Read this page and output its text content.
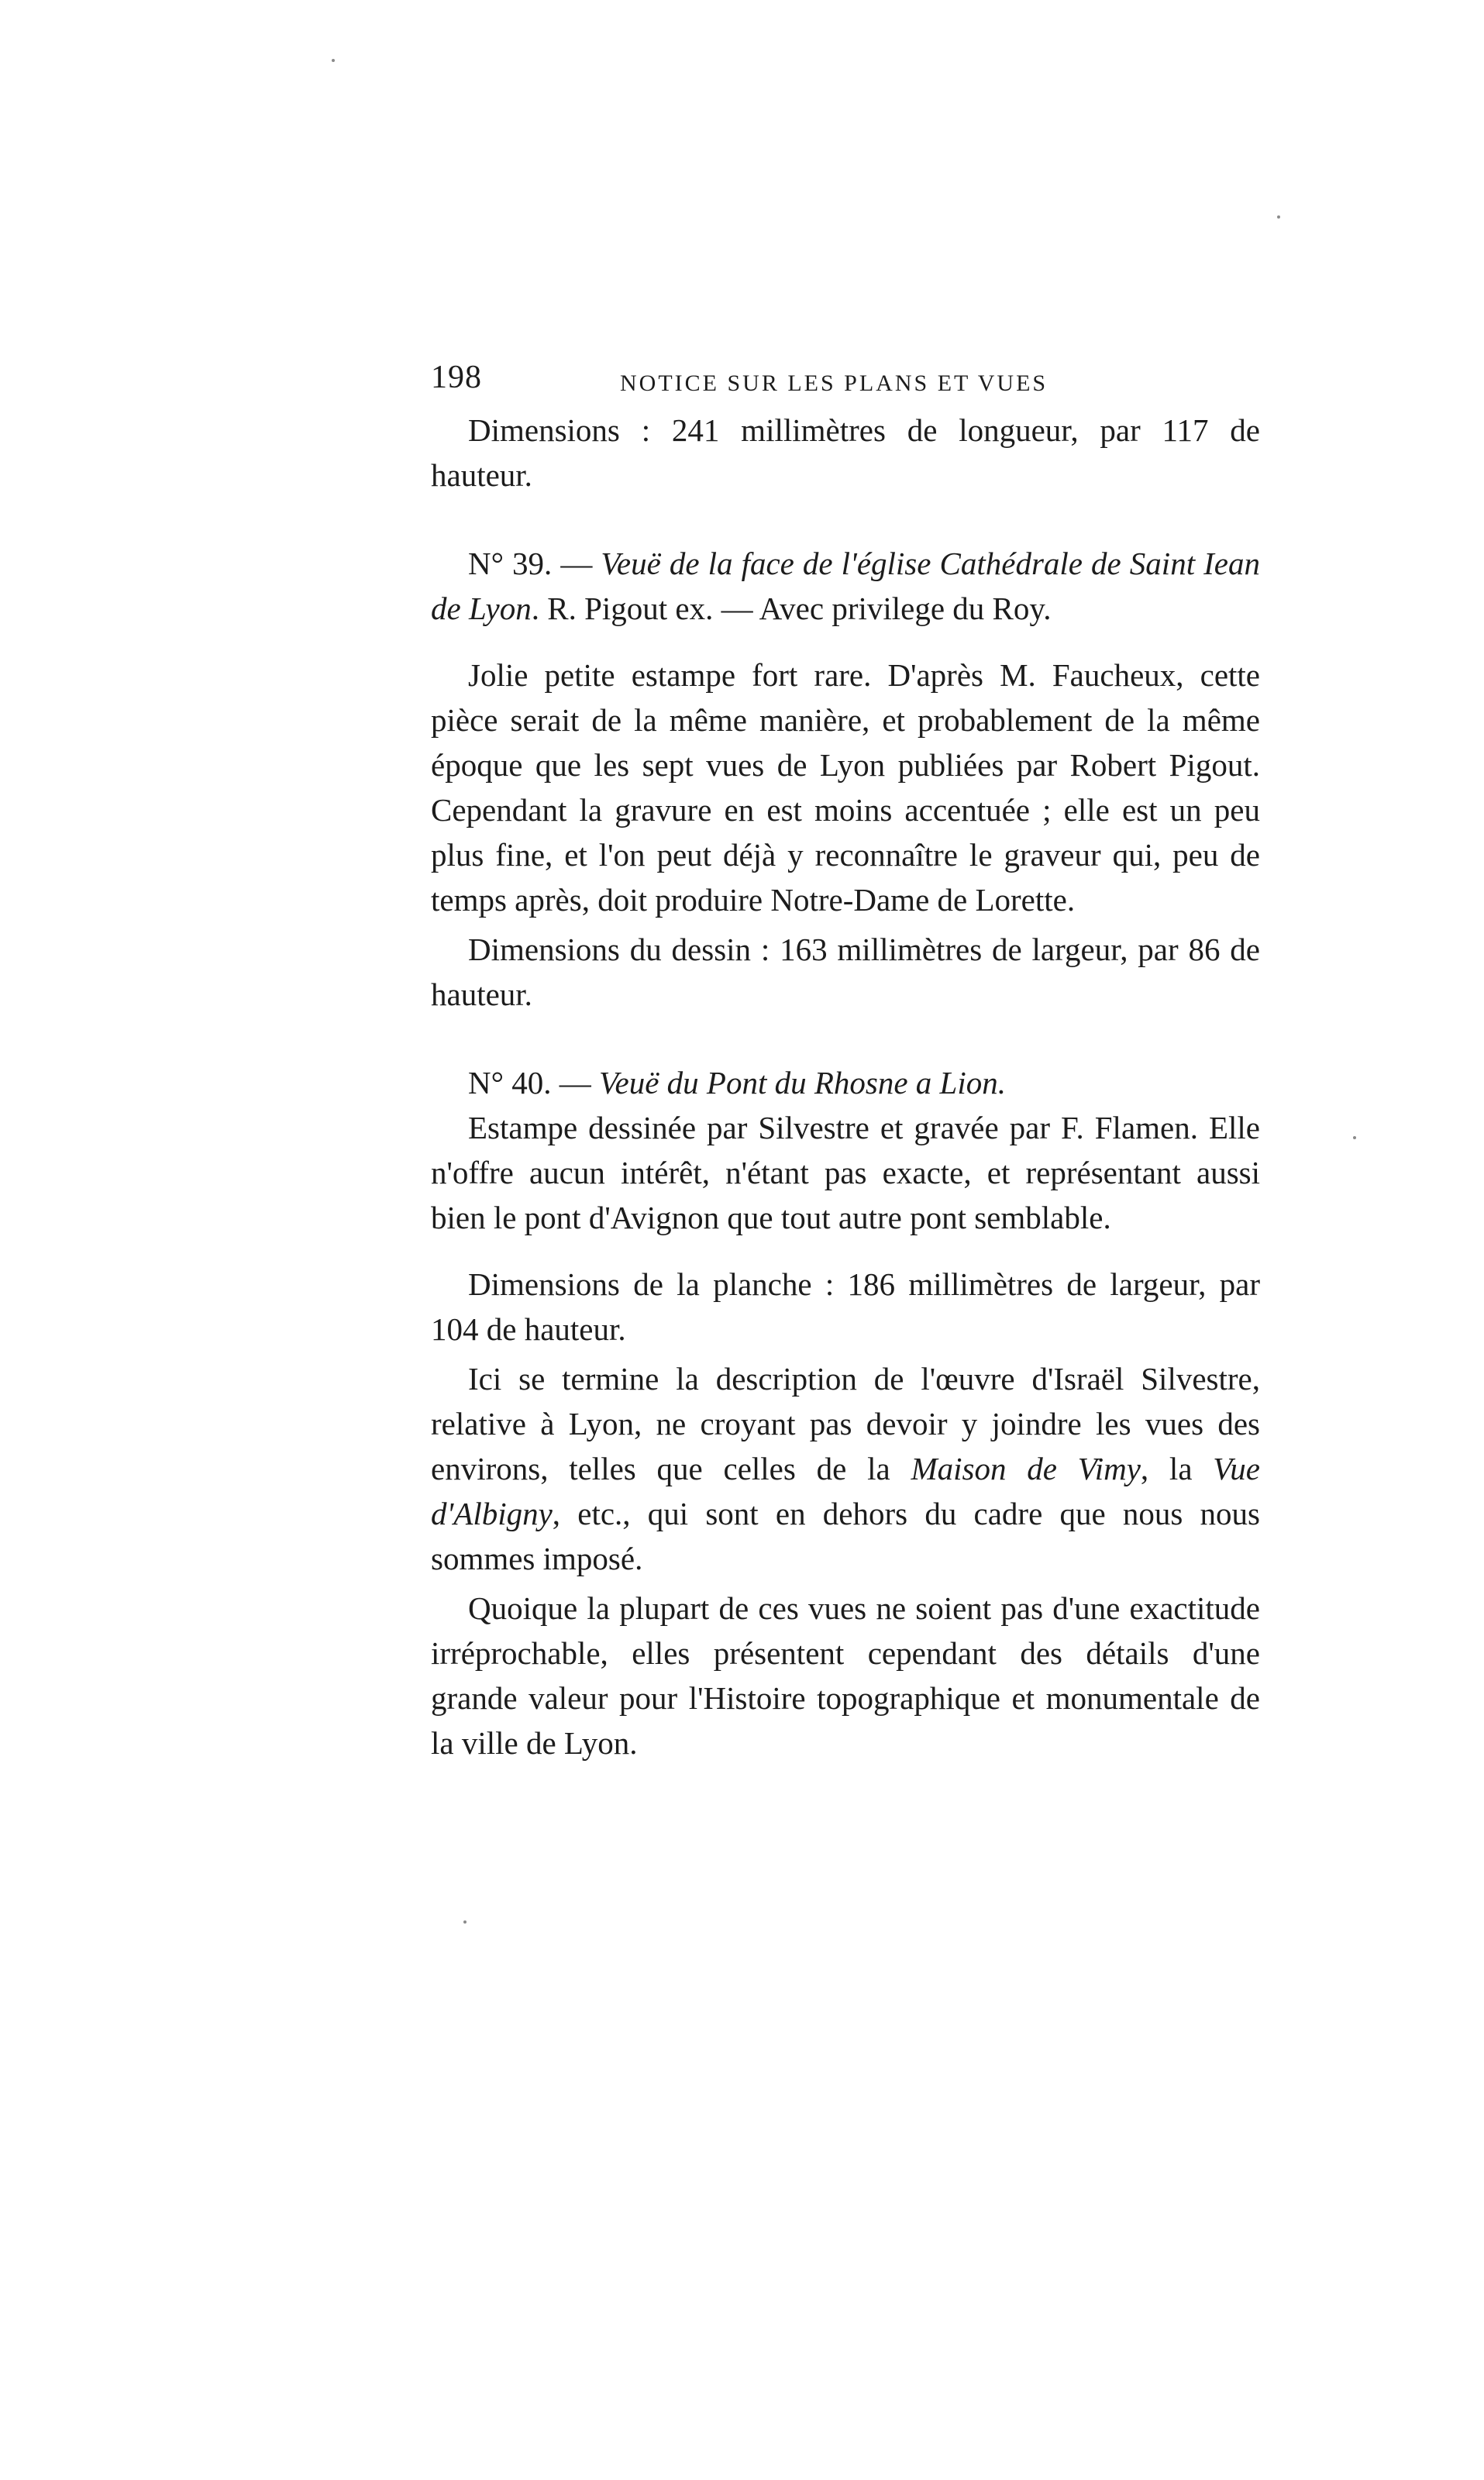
198	NOTICE SUR LES PLANS ET VUES

Dimensions : 241 millimètres de longueur, par 117 de hauteur.

N° 39. — Veuë de la face de l'église Cathédrale de Saint Iean de Lyon. R. Pigout ex. — Avec privilege du Roy.

Jolie petite estampe fort rare. D'après M. Faucheux, cette pièce serait de la même manière, et probablement de la même époque que les sept vues de Lyon publiées par Robert Pigout. Cependant la gravure en est moins accentuée ; elle est un peu plus fine, et l'on peut déjà y reconnaître le graveur qui, peu de temps après, doit produire Notre-Dame de Lorette.

Dimensions du dessin : 163 millimètres de largeur, par 86 de hauteur.

N° 40. — Veuë du Pont du Rhosne a Lion.

Estampe dessinée par Silvestre et gravée par F. Flamen. Elle n'offre aucun intérêt, n'étant pas exacte, et représentant aussi bien le pont d'Avignon que tout autre pont semblable.

Dimensions de la planche : 186 millimètres de largeur, par 104 de hauteur.

Ici se termine la description de l'œuvre d'Israël Silvestre, relative à Lyon, ne croyant pas devoir y joindre les vues des environs, telles que celles de la Maison de Vimy, la Vue d'Albigny, etc., qui sont en dehors du cadre que nous nous sommes imposé.

Quoique la plupart de ces vues ne soient pas d'une exactitude irréprochable, elles présentent cependant des détails d'une grande valeur pour l'Histoire topographique et monumentale de la ville de Lyon.
